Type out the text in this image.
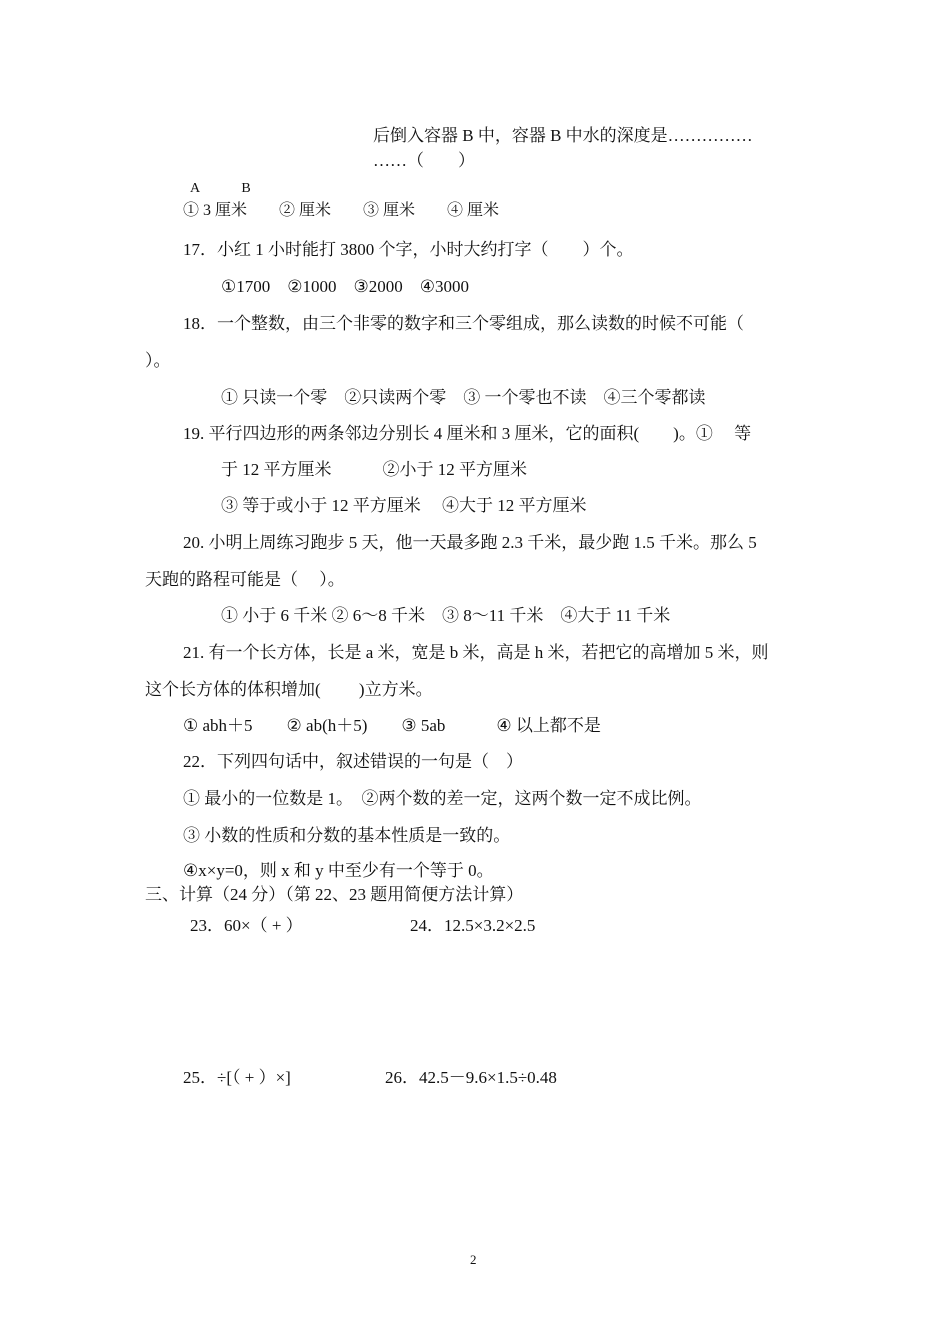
后倒入容器 B 中，容器 B 中水的深度是……………
……（　　）
A　　　B
① 3 厘米　　② 厘米　　③ 厘米　　④ 厘米
17．小红 1 小时能打 3800 个字，小时大约打字（　　）个。
①1700　②1000　③2000　④3000
18．一个整数，由三个非零的数字和三个零组成，那么读数的时候不可能（
）。
① 只读一个零　②只读两个零　③ 一个零也不读　④三个零都读
19. 平行四边形的两条邻边分别长 4 厘米和 3 厘米，它的面积(　　)。①　 等
于 12 平方厘米　　　②小于 12 平方厘米
③ 等于或小于 12 平方厘米　 ④大于 12 平方厘米
20. 小明上周练习跑步 5 天，他一天最多跑 2.3 千米，最少跑 1.5 千米。那么 5
天跑的路程可能是（　 ）。
① 小于 6 千米 ② 6～8 千米　③ 8～11 千米　④大于 11 千米
21. 有一个长方体，长是 a 米，宽是 b 米，高是 h 米，若把它的高增加 5 米，则
这个长方体的体积增加(　　 )立方米。
① abh＋5　　② ab(h＋5)　　③ 5ab　　　④ 以上都不是
22．下列四句话中，叙述错误的一句是（　）
① 最小的一位数是 1。　②两个数的差一定，这两个数一定不成比例。
③ 小数的性质和分数的基本性质是一致的。
④x×y=0，则 x 和 y 中至少有一个等于 0。
三、计算（24 分）（第 22、23 题用简便方法计算）
23．60×（ + ）	24．12.5×3.2×2.5
25．÷[（ + ）×]	26．42.5－9.6×1.5÷0.48
2
